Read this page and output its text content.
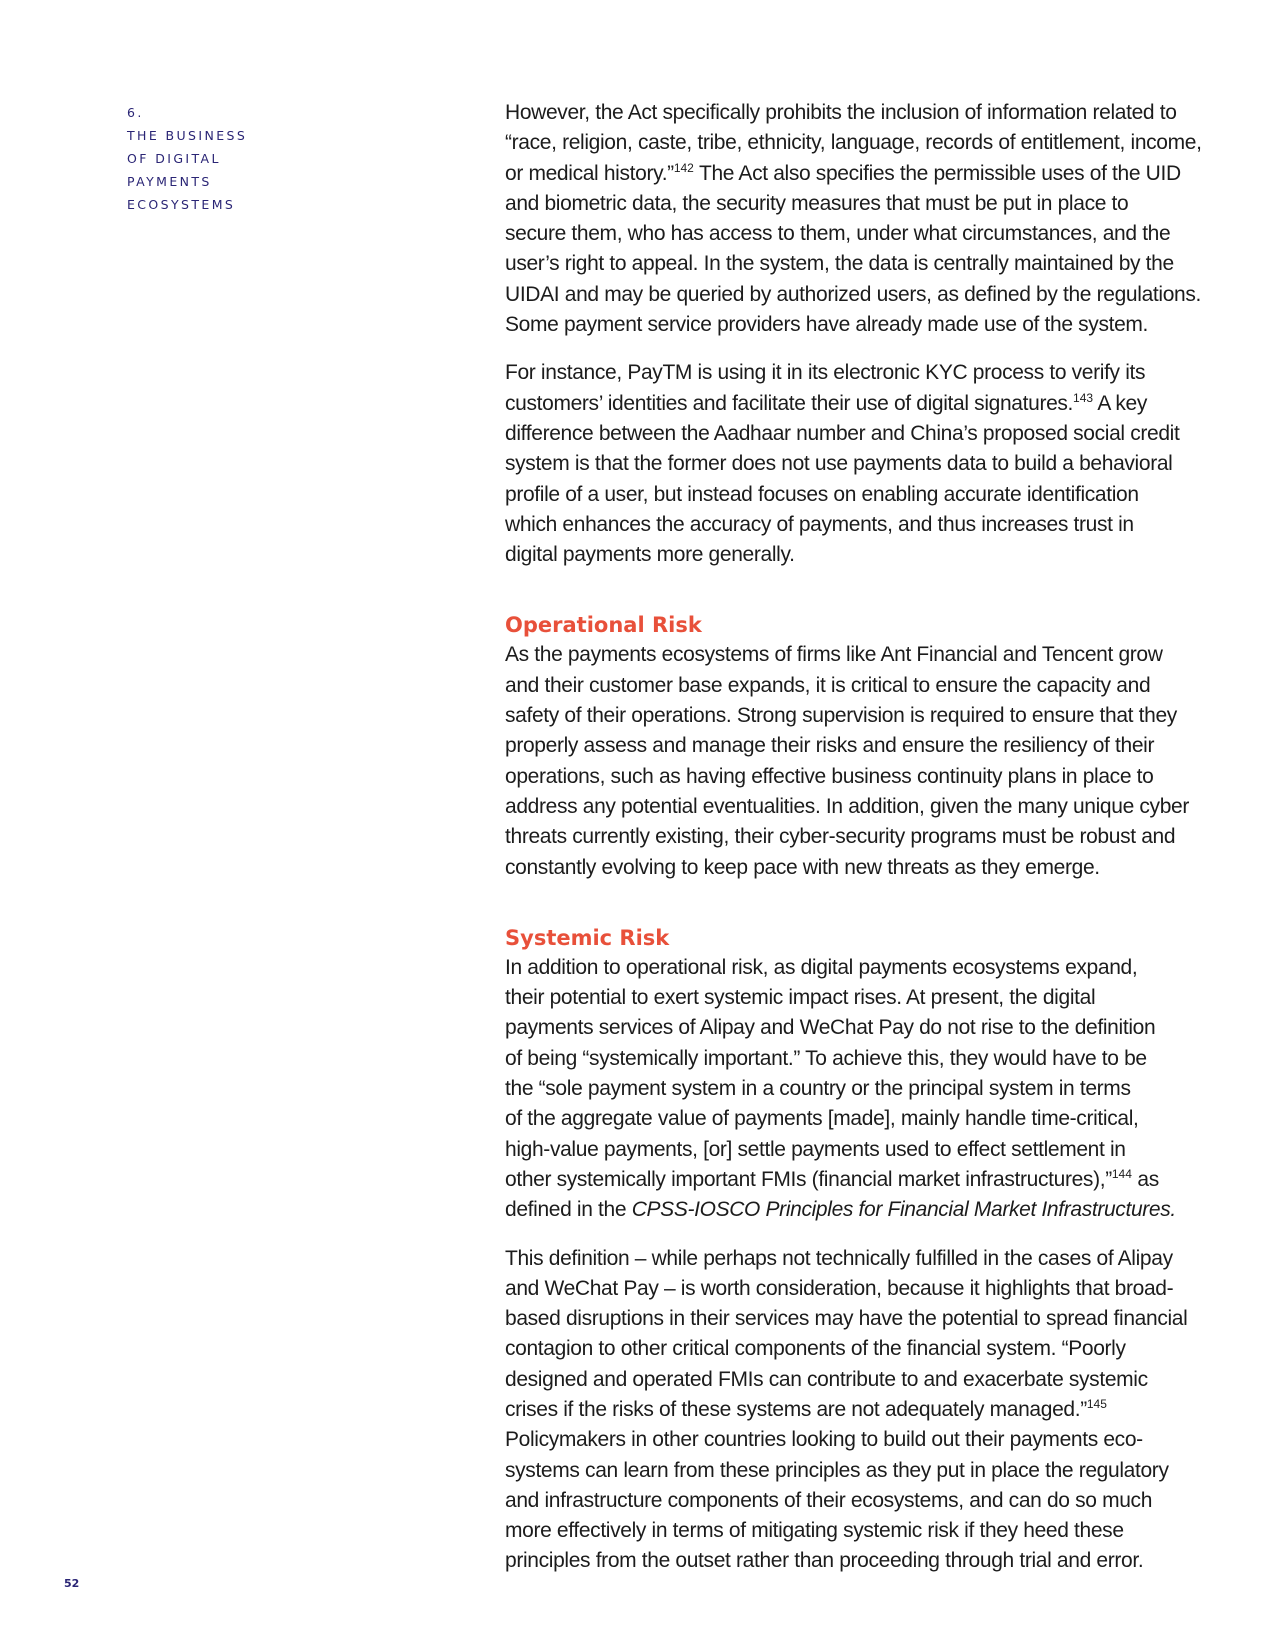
6.
THE BUSINESS
OF DIGITAL
PAYMENTS
ECOSYSTEMS
However, the Act specifically prohibits the inclusion of information related to
“race, religion, caste, tribe, ethnicity, language, records of entitlement, income,
or medical history.”$^{142}$ The Act also specifies the permissible uses of the UID
and biometric data, the security measures that must be put in place to
secure them, who has access to them, under what circumstances, and the
user’s right to appeal. In the system, the data is centrally maintained by the
UIDAI and may be queried by authorized users, as defined by the regulations.
Some payment service providers have already made use of the system.
For instance, PayTM is using it in its electronic KYC process to verify its
customers’ identities and facilitate their use of digital signatures.$^{143}$ A key
difference between the Aadhaar number and China’s proposed social credit
system is that the former does not use payments data to build a behavioral
profile of a user, but instead focuses on enabling accurate identification
which enhances the accuracy of payments, and thus increases trust in
digital payments more generally.
Operational Risk
As the payments ecosystems of firms like Ant Financial and Tencent grow
and their customer base expands, it is critical to ensure the capacity and
safety of their operations. Strong supervision is required to ensure that they
properly assess and manage their risks and ensure the resiliency of their
operations, such as having effective business continuity plans in place to
address any potential eventualities. In addition, given the many unique cyber
threats currently existing, their cyber-security programs must be robust and
constantly evolving to keep pace with new threats as they emerge.
Systemic Risk
In addition to operational risk, as digital payments ecosystems expand,
their potential to exert systemic impact rises. At present, the digital
payments services of Alipay and WeChat Pay do not rise to the definition
of being “systemically important.” To achieve this, they would have to be
the “sole payment system in a country or the principal system in terms
of the aggregate value of payments [made], mainly handle time-critical,
high-value payments, [or] settle payments used to effect settlement in
other systemically important FMIs (financial market infrastructures),”$^{144}$ as
defined in the CPSS-IOSCO Principles for Financial Market Infrastructures.
This definition – while perhaps not technically fulfilled in the cases of Alipay
and WeChat Pay – is worth consideration, because it highlights that broad-
based disruptions in their services may have the potential to spread financial
contagion to other critical components of the financial system. “Poorly
designed and operated FMIs can contribute to and exacerbate systemic
crises if the risks of these systems are not adequately managed.”$^{145}$
Policymakers in other countries looking to build out their payments eco-
systems can learn from these principles as they put in place the regulatory
and infrastructure components of their ecosystems, and can do so much
more effectively in terms of mitigating systemic risk if they heed these
principles from the outset rather than proceeding through trial and error.
52
